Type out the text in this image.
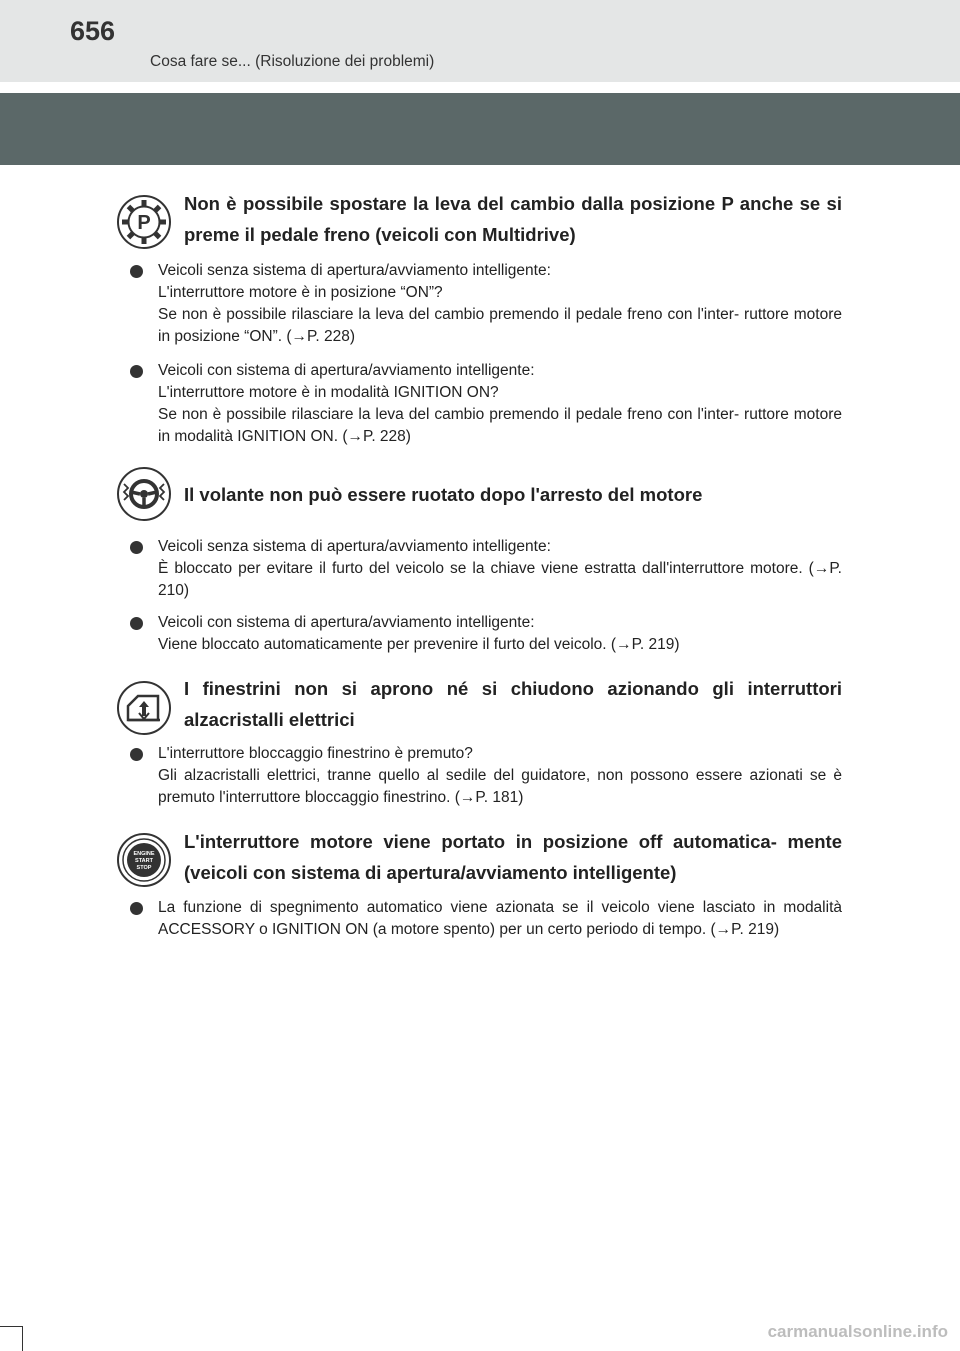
656
Cosa fare se... (Risoluzione dei problemi)
P
Non è possibile spostare la leva del cambio dalla posizione P anche se si preme il pedale freno (veicoli con Multidrive)

Veicoli senza sistema di apertura/avviamento intelligente:

L'interruttore motore è in posizione “ON”?

Se non è possibile rilasciare la leva del cambio premendo il pedale freno con l'inter- ruttore motore in posizione “ON”. (→P. 228)

Veicoli con sistema di apertura/avviamento intelligente:

L'interruttore motore è in modalità IGNITION ON?

Se non è possibile rilasciare la leva del cambio premendo il pedale freno con l'inter- ruttore motore in modalità IGNITION ON. (→P. 228)

Il volante non può essere ruotato dopo l'arresto del motore

Veicoli senza sistema di apertura/avviamento intelligente:

È bloccato per evitare il furto del veicolo se la chiave viene estratta dall'interruttore motore. (→P. 210)

Veicoli con sistema di apertura/avviamento intelligente:

Viene bloccato automaticamente per prevenire il furto del veicolo. (→P. 219)

I finestrini non si aprono né si chiudono azionando gli interruttori alzacristalli elettrici

L'interruttore bloccaggio finestrino è premuto?

Gli alzacristalli elettrici, tranne quello al sedile del guidatore, non possono essere azionati se è premuto l'interruttore bloccaggio finestrino. (→P. 181)

ENGINE
START
STOP
L'interruttore motore viene portato in posizione off automatica- mente (veicoli con sistema di apertura/avviamento intelligente)

La funzione di spegnimento automatico viene azionata se il veicolo viene lasciato in modalità ACCESSORY o IGNITION ON (a motore spento) per un certo periodo di tempo. (→P. 219)

carmanualsonline.info
